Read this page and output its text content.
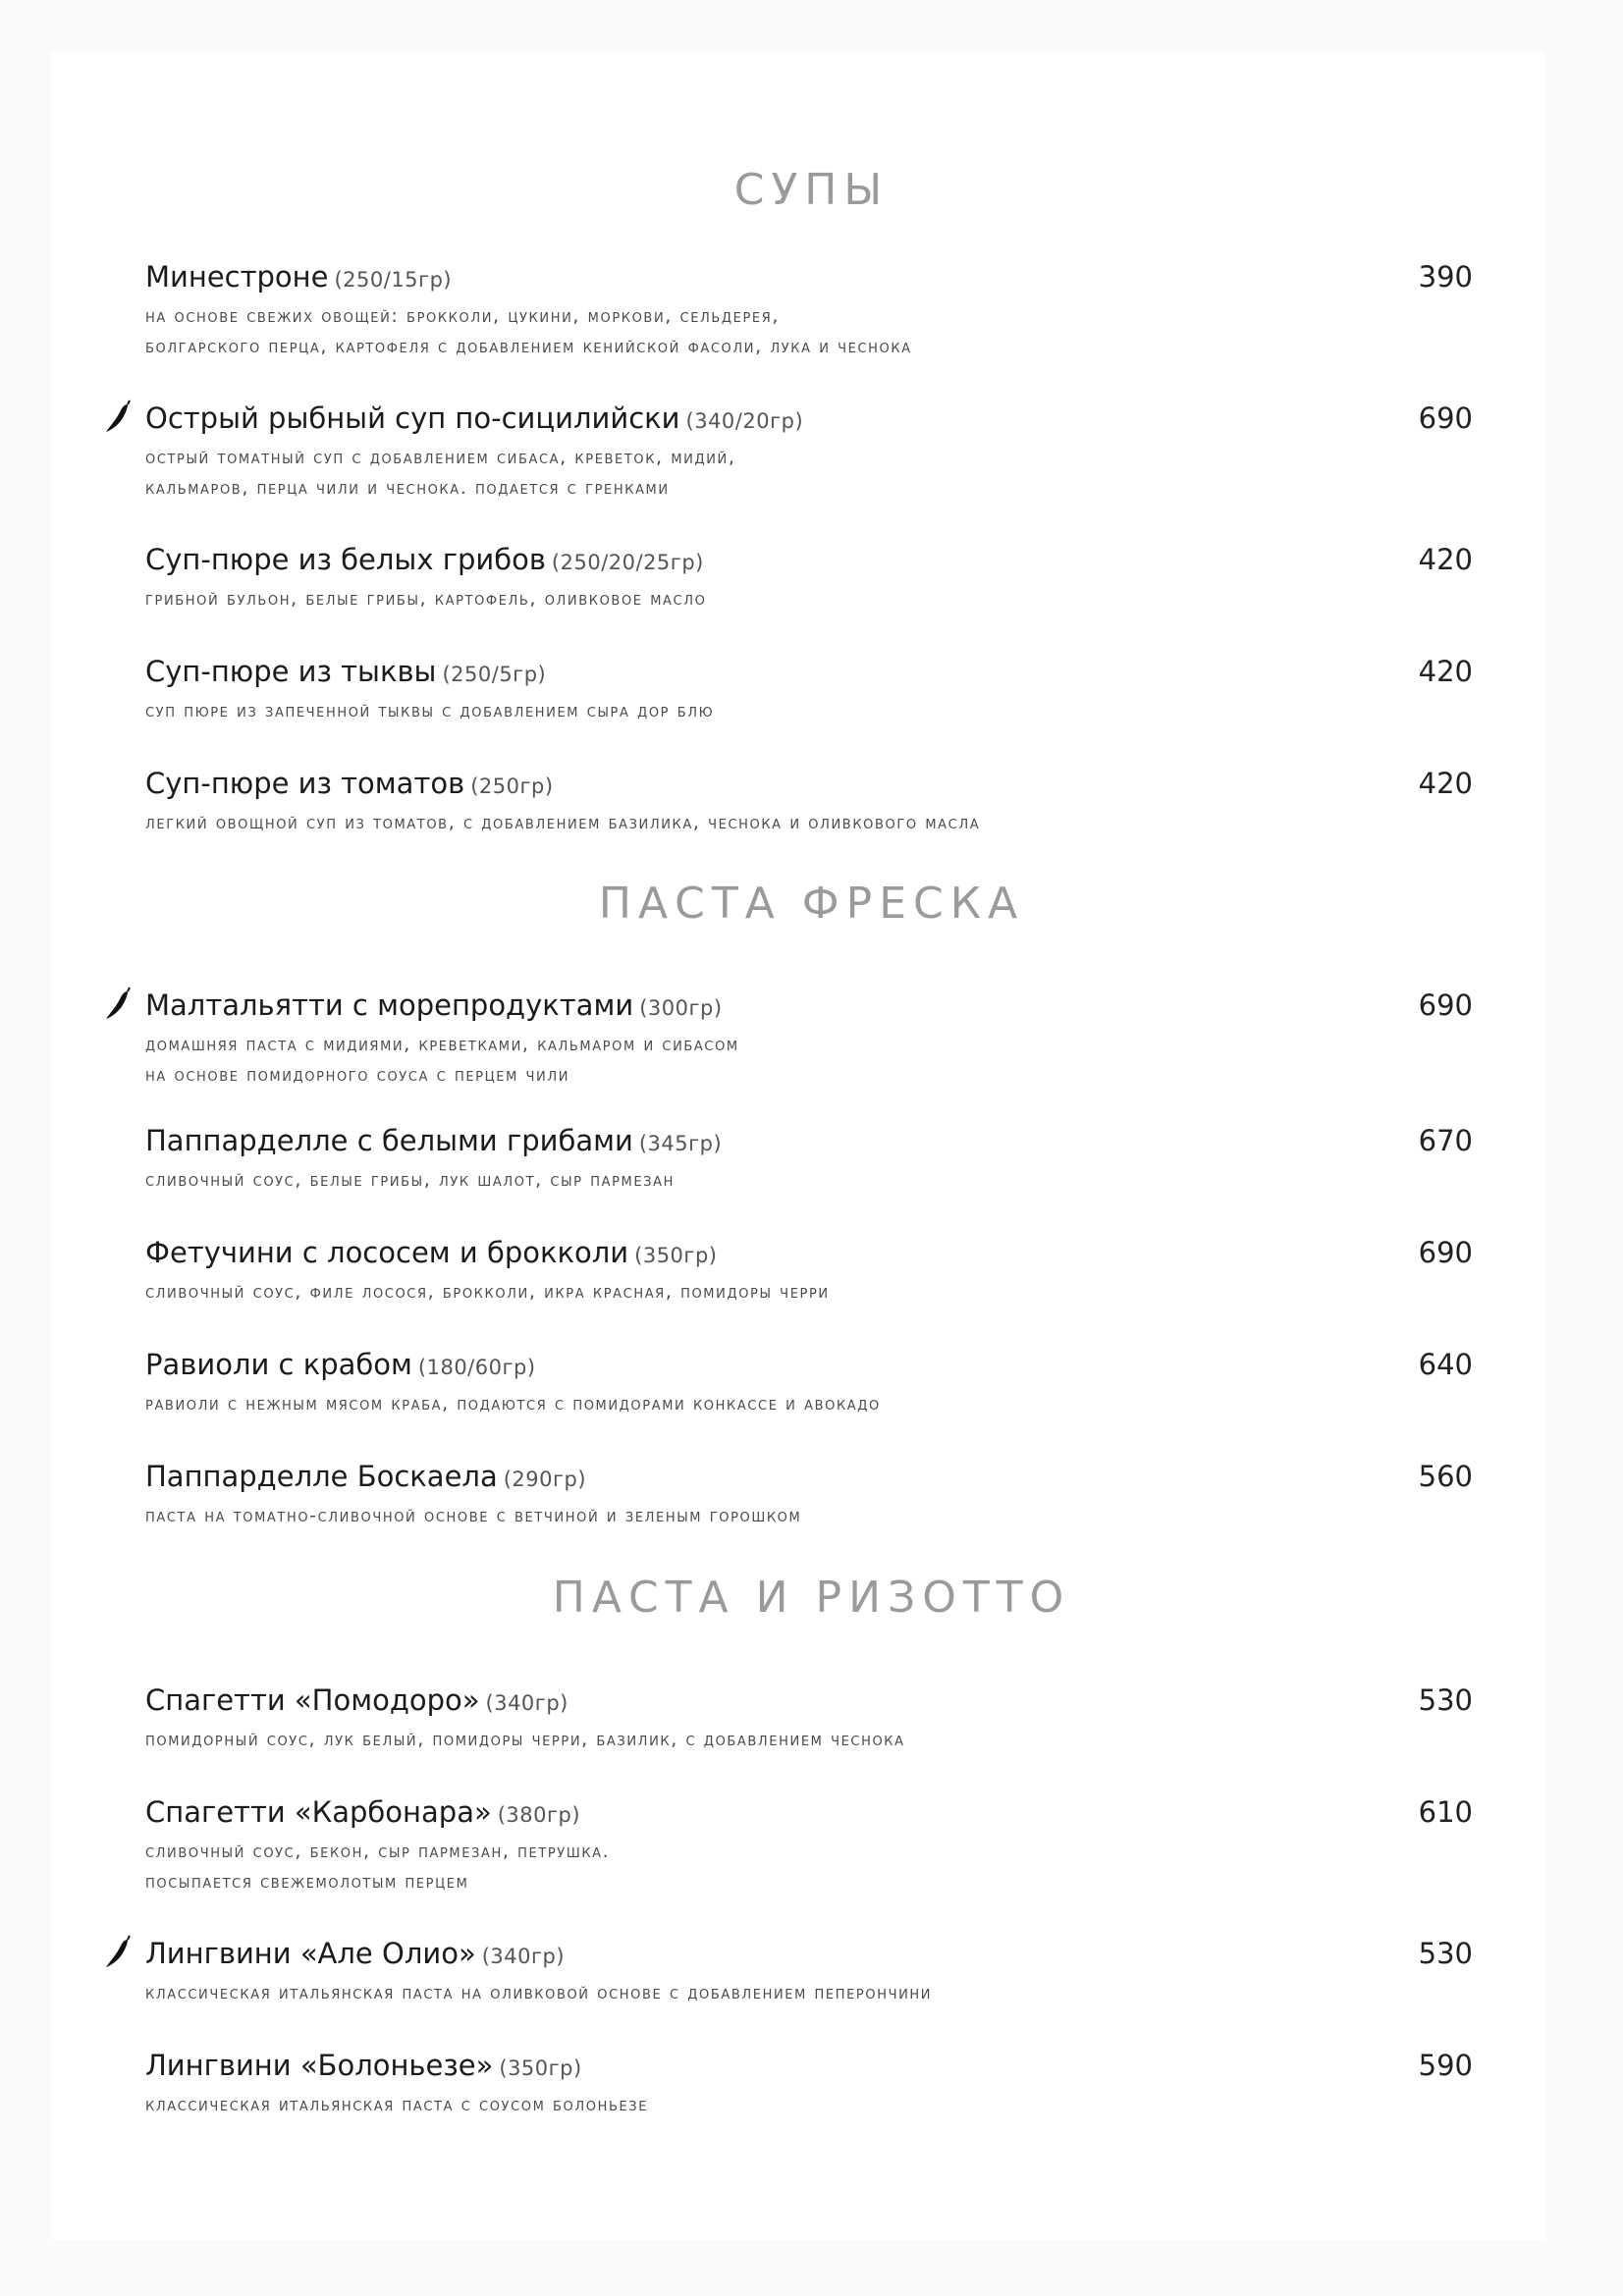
СУПЫ
Минестроне (250/15гр)
на основе свежих овощей: брокколи, цукини, моркови, сельдерея,
болгарского перца, картофеля с добавлением кенийской фасоли, лука и чеснока
390
Острый рыбный суп по-сицилийски (340/20гр)
острый томатный суп с добавлением сибаса, креветок, мидий,
кальмаров, перца чили и чеснока. подается с гренками
690
Суп-пюре из белых грибов (250/20/25гр)
грибной бульон, белые грибы, картофель, оливковое масло
420
Суп-пюре из тыквы (250/5гр)
суп пюре из запеченной тыквы с добавлением сыра дор блю
420
Суп-пюре из томатов (250гр)
легкий овощной суп из томатов, с добавлением базилика, чеснока и оливкового масла
420
ПАСТА ФРЕСКА
Малтальятти с морепродуктами (300гр)
домашняя паста с мидиями, креветками, кальмаром и сибасом
на основе помидорного соуса с перцем чили
690
Паппарделле с белыми грибами (345гр)
сливочный соус, белые грибы, лук шалот, сыр пармезан
670
Фетучини с лососем и брокколи (350гр)
сливочный соус, филе лосося, брокколи, икра красная, помидоры черри
690
Равиоли с крабом (180/60гр)
равиоли с нежным мясом краба, подаются с помидорами конкассе и авокадо
640
Паппарделле Боскаела (290гр)
паста на томатно-сливочной основе с ветчиной и зеленым горошком
560
ПАСТА И РИЗОТТО
Спагетти «Помодоро» (340гр)
помидорный соус, лук белый, помидоры черри, базилик, с добавлением чеснока
530
Спагетти «Карбонара» (380гр)
сливочный соус, бекон, сыр пармезан, петрушка.
посыпается свежемолотым перцем
610
Лингвини «Але Олио» (340гр)
классическая итальянская паста на оливковой основе с добавлением пеперончини
530
Лингвини «Болоньезе» (350гр)
классическая итальянская паста с соусом болоньезе
590
